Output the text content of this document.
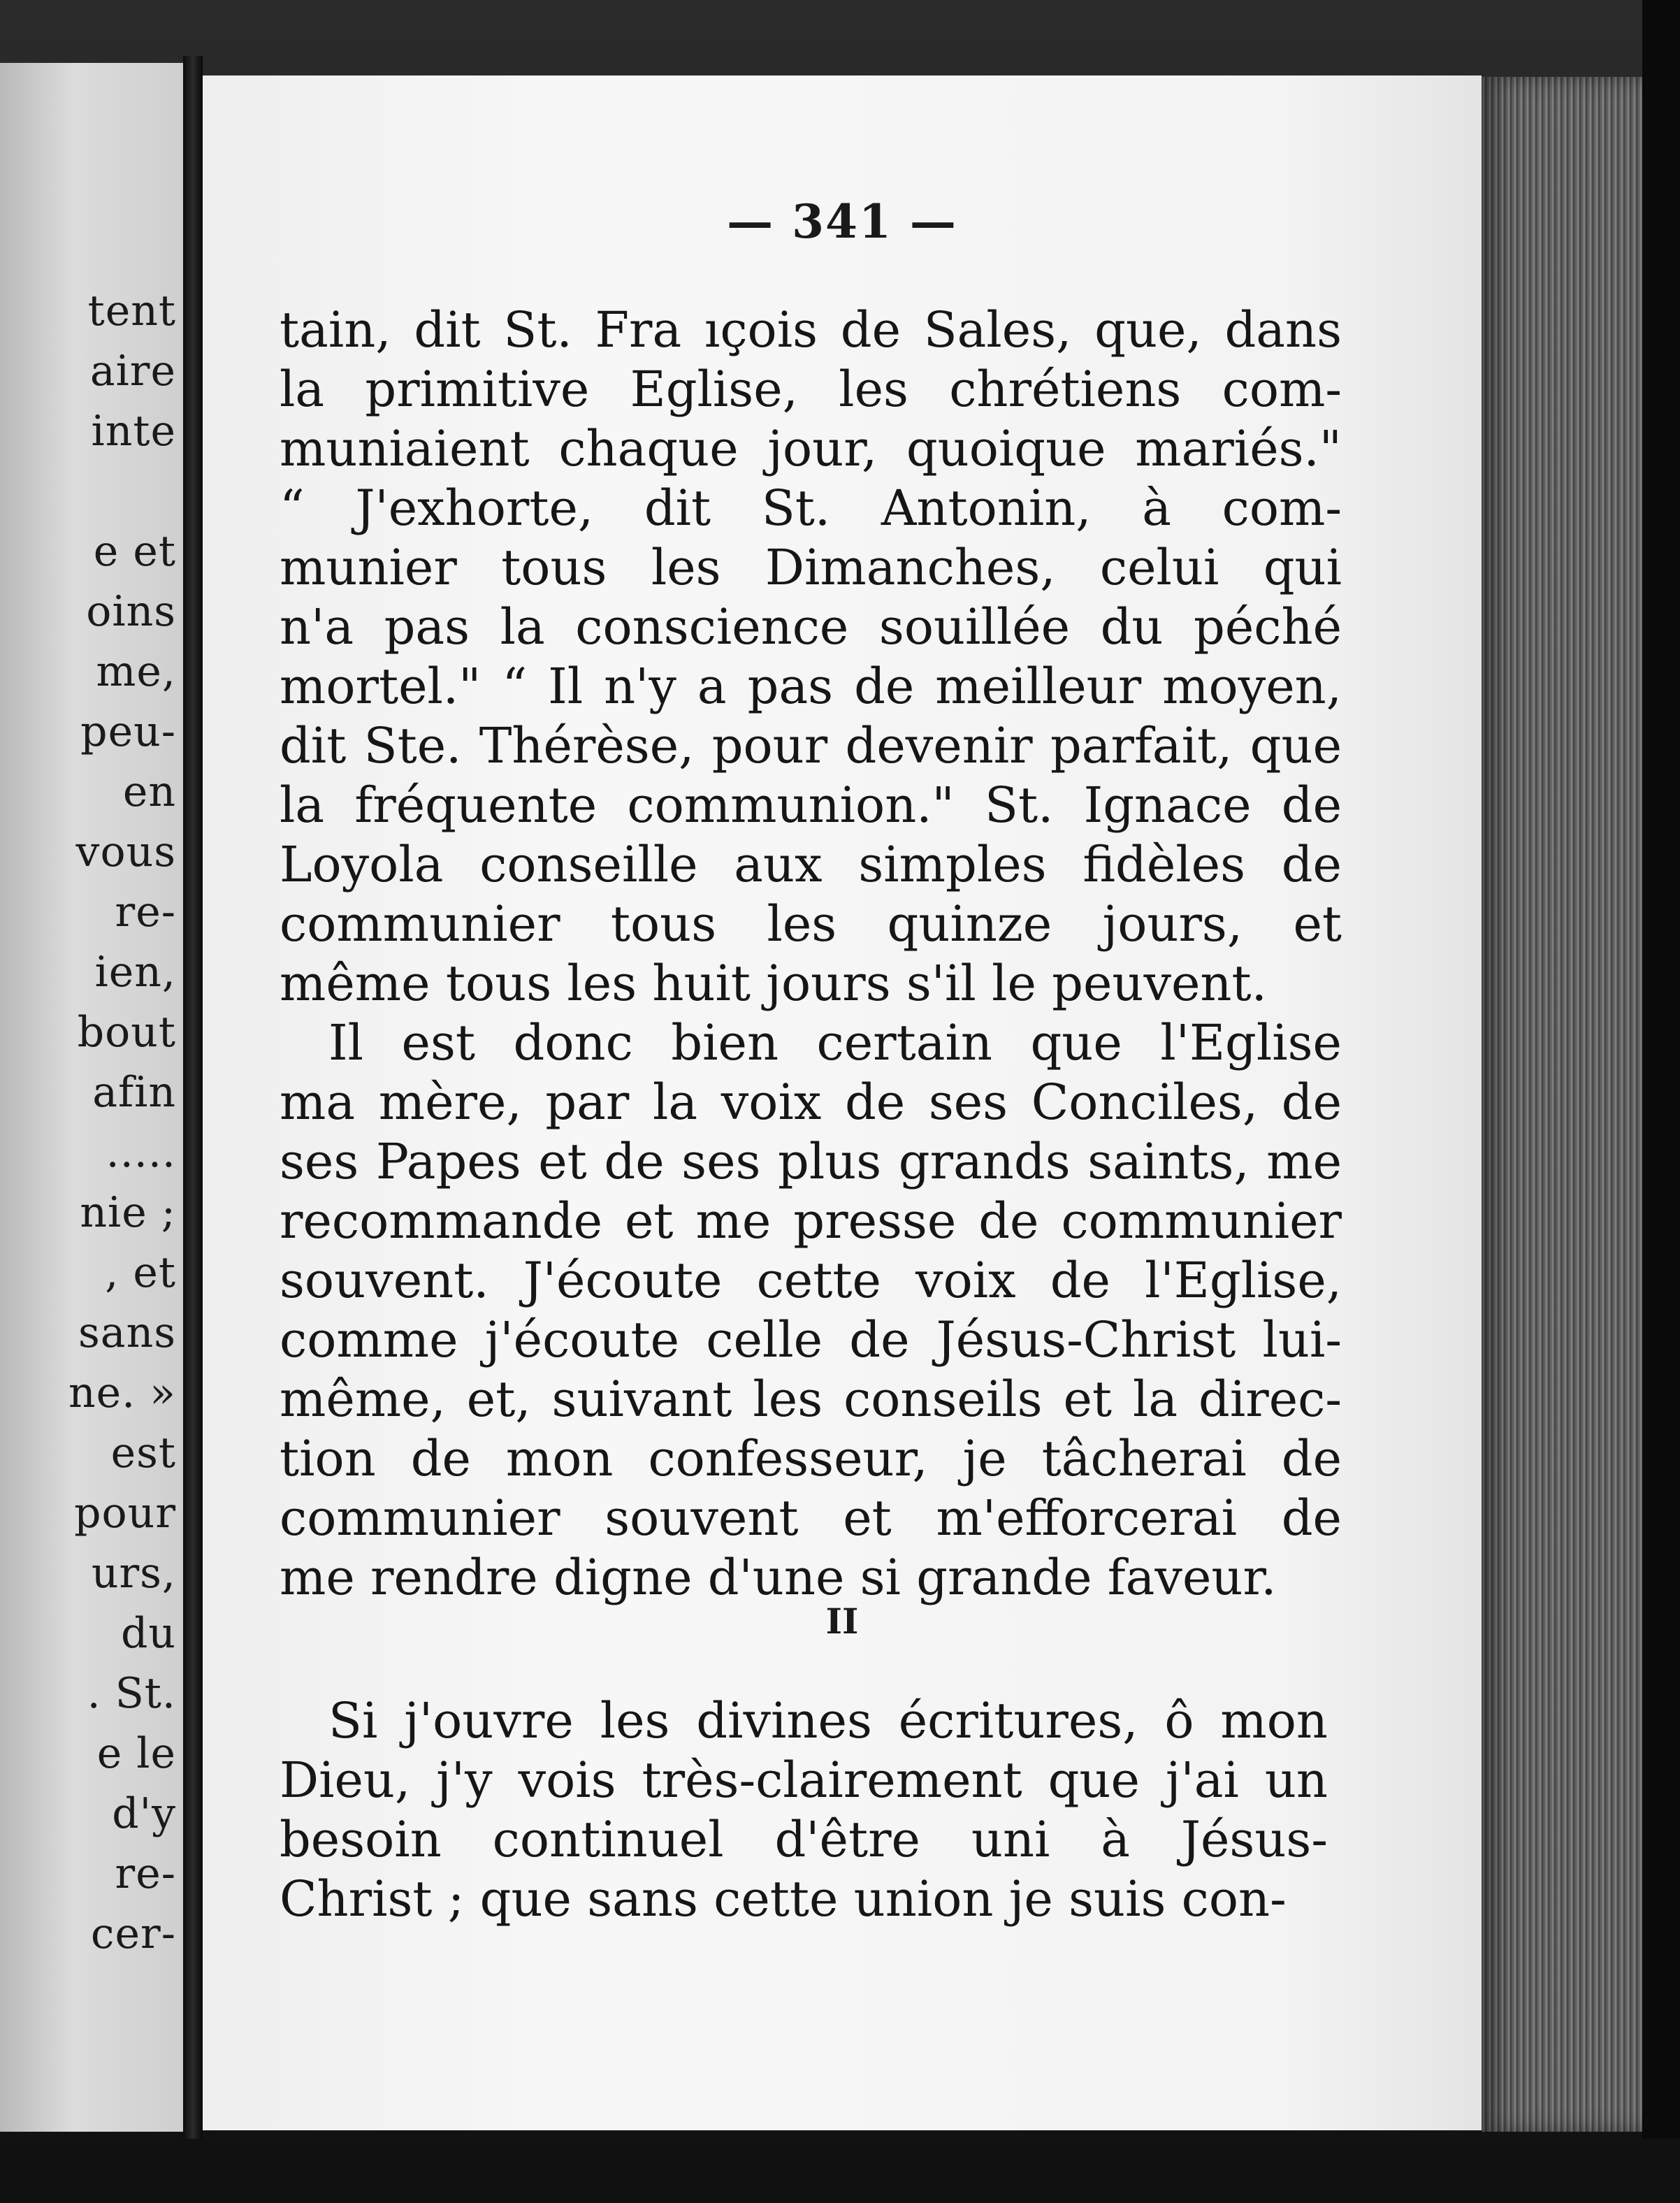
tent
aire
inte
e et
oins
me,
peu-
en
vous
re-
ien,
bout
afin
.....
nie ;
, et
sans
ne. »
est
pour
urs,
du
. St.
e le
d'y
re-
cer-
— 341 —
tain, dit St. Fra ıçois de Sales, que, dans
la primitive Eglise, les chrétiens com-
muniaient chaque jour, quoique mariés."
“ J'exhorte, dit St. Antonin, à com-
munier tous les Dimanches, celui qui
n'a pas la conscience souillée du péché
mortel." “ Il n'y a pas de meilleur moyen,
dit Ste. Thérèse, pour devenir parfait, que
la fréquente communion." St. Ignace de
Loyola conseille aux simples fidèles de
communier tous les quinze jours, et
même tous les huit jours s'il le peuvent.
Il est donc bien certain que l'Eglise
ma mère, par la voix de ses Conciles, de
ses Papes et de ses plus grands saints, me
recommande et me presse de communier
souvent. J'écoute cette voix de l'Eglise,
comme j'écoute celle de Jésus-Christ lui-
même, et, suivant les conseils et la direc-
tion de mon confesseur, je tâcherai de
communier souvent et m'efforcerai de
me rendre digne d'une si grande faveur.
II
Si j'ouvre les divines écritures, ô mon
Dieu, j'y vois très-clairement que j'ai un
besoin continuel d'être uni à Jésus-
Christ ; que sans cette union je suis con-
